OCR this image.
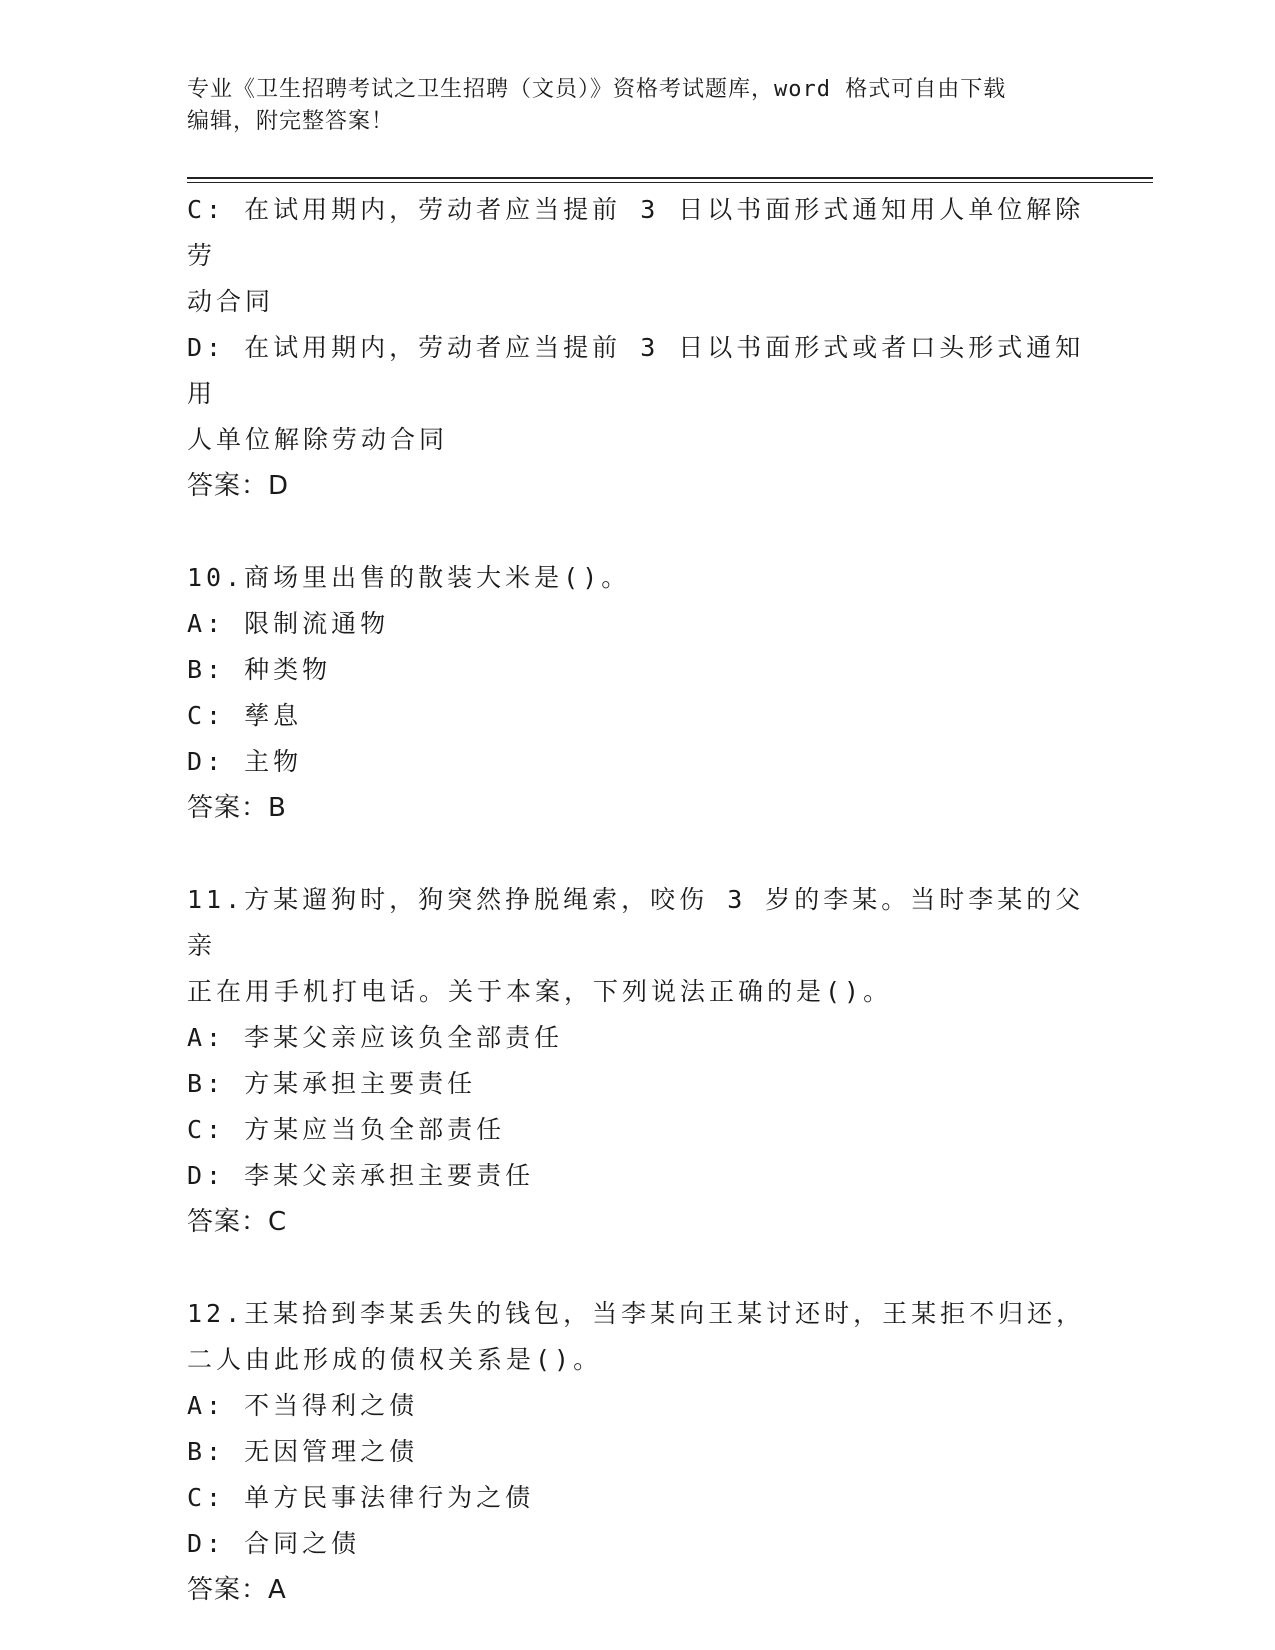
专业《卫生招聘考试之卫生招聘（文员）》资格考试题库，word 格式可自由下载
编辑，附完整答案！
C: 在试用期内，劳动者应当提前 3 日以书面形式通知用人单位解除劳
动合同
D: 在试用期内，劳动者应当提前 3 日以书面形式或者口头形式通知用
人单位解除劳动合同
答案：D
10.商场里出售的散装大米是()。
A: 限制流通物
B: 种类物
C: 孳息
D: 主物
答案：B
11.方某遛狗时，狗突然挣脱绳索，咬伤 3 岁的李某。当时李某的父亲
正在用手机打电话。关于本案，下列说法正确的是()。
A: 李某父亲应该负全部责任
B: 方某承担主要责任
C: 方某应当负全部责任
D: 李某父亲承担主要责任
答案：C
12.王某拾到李某丢失的钱包，当李某向王某讨还时，王某拒不归还，
二人由此形成的债权关系是()。
A: 不当得利之债
B: 无因管理之债
C: 单方民事法律行为之债
D: 合同之债
答案：A
